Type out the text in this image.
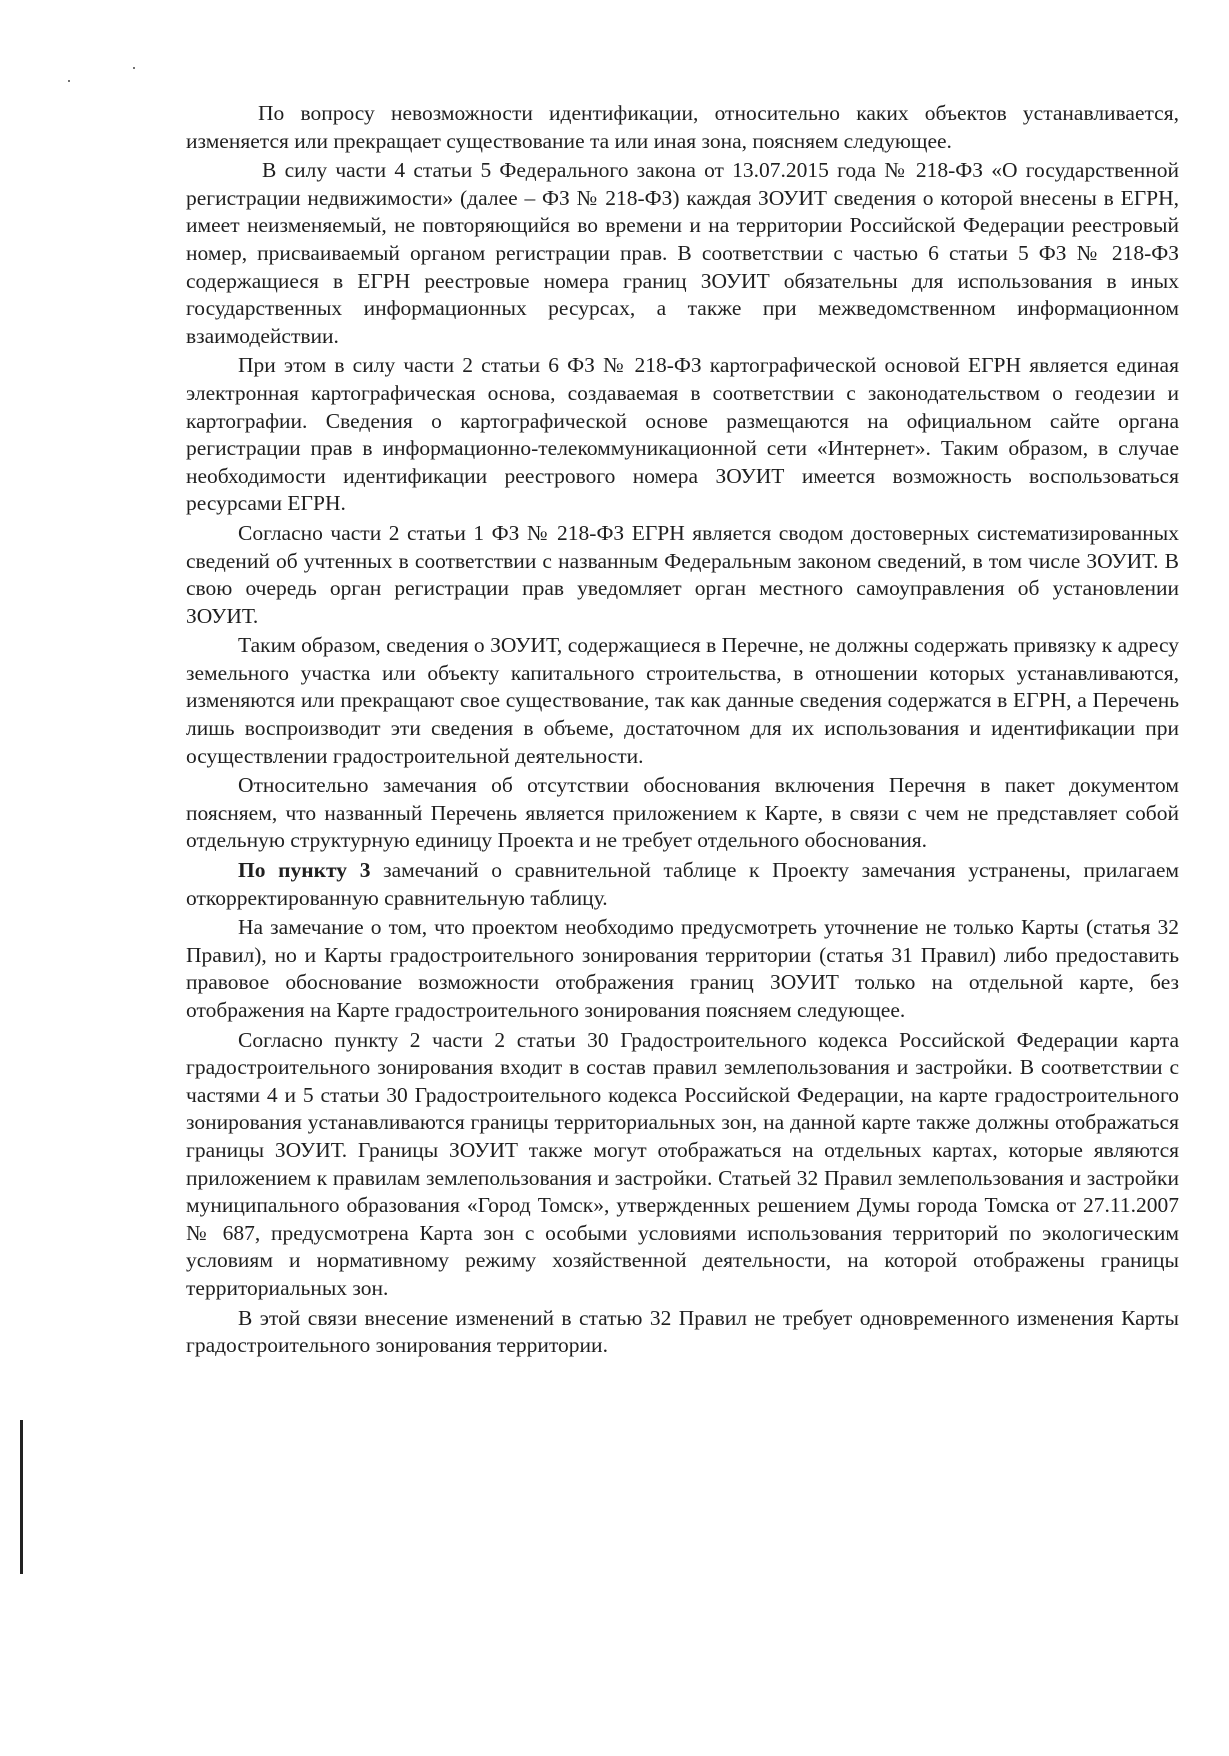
По вопросу невозможности идентификации, относительно каких объектов устанавливается, изменяется или прекращает существование та или иная зона, поясняем следующее.

В силу части 4 статьи 5 Федерального закона от 13.07.2015 года № 218-ФЗ «О государственной регистрации недвижимости» (далее – ФЗ № 218-ФЗ) каждая ЗОУИТ сведения о которой внесены в ЕГРН, имеет неизменяемый, не повторяющийся во времени и на территории Российской Федерации реестровый номер, присваиваемый органом регистрации прав. В соответствии с частью 6 статьи 5 ФЗ № 218-ФЗ содержащиеся в ЕГРН реестровые номера границ ЗОУИТ обязательны для использования в иных государственных информационных ресурсах, а также при межведомственном информационном взаимодействии.

При этом в силу части 2 статьи 6 ФЗ № 218-ФЗ картографической основой ЕГРН является единая электронная картографическая основа, создаваемая в соответствии с законодательством о геодезии и картографии. Сведения о картографической основе размещаются на официальном сайте органа регистрации прав в информационно-телекоммуникационной сети «Интернет». Таким образом, в случае необходимости идентификации реестрового номера ЗОУИТ имеется возможность воспользоваться ресурсами ЕГРН.

Согласно части 2 статьи 1 ФЗ № 218-ФЗ ЕГРН является сводом достоверных систематизированных сведений об учтенных в соответствии с названным Федеральным законом сведений, в том числе ЗОУИТ. В свою очередь орган регистрации прав уведомляет орган местного самоуправления об установлении ЗОУИТ.

Таким образом, сведения о ЗОУИТ, содержащиеся в Перечне, не должны содержать привязку к адресу земельного участка или объекту капитального строительства, в отношении которых устанавливаются, изменяются или прекращают свое существование, так как данные сведения содержатся в ЕГРН, а Перечень лишь воспроизводит эти сведения в объеме, достаточном для их использования и идентификации при осуществлении градостроительной деятельности.

Относительно замечания об отсутствии обоснования включения Перечня в пакет документом поясняем, что названный Перечень является приложением к Карте, в связи с чем не представляет собой отдельную структурную единицу Проекта и не требует отдельного обоснования.

По пункту 3 замечаний о сравнительной таблице к Проекту замечания устранены, прилагаем откорректированную сравнительную таблицу.

На замечание о том, что проектом необходимо предусмотреть уточнение не только Карты (статья 32 Правил), но и Карты градостроительного зонирования территории (статья 31 Правил) либо предоставить правовое обоснование возможности отображения границ ЗОУИТ только на отдельной карте, без отображения на Карте градостроительного зонирования поясняем следующее.

Согласно пункту 2 части 2 статьи 30 Градостроительного кодекса Российской Федерации карта градостроительного зонирования входит в состав правил землепользования и застройки. В соответствии с частями 4 и 5 статьи 30 Градостроительного кодекса Российской Федерации, на карте градостроительного зонирования устанавливаются границы территориальных зон, на данной карте также должны отображаться границы ЗОУИТ. Границы ЗОУИТ также могут отображаться на отдельных картах, которые являются приложением к правилам землепользования и застройки. Статьей 32 Правил землепользования и застройки муниципального образования «Город Томск», утвержденных решением Думы города Томска от 27.11.2007 № 687, предусмотрена Карта зон с особыми условиями использования территорий по экологическим условиям и нормативному режиму хозяйственной деятельности, на которой отображены границы территориальных зон.

В этой связи внесение изменений в статью 32 Правил не требует одновременного изменения Карты градостроительного зонирования территории.
